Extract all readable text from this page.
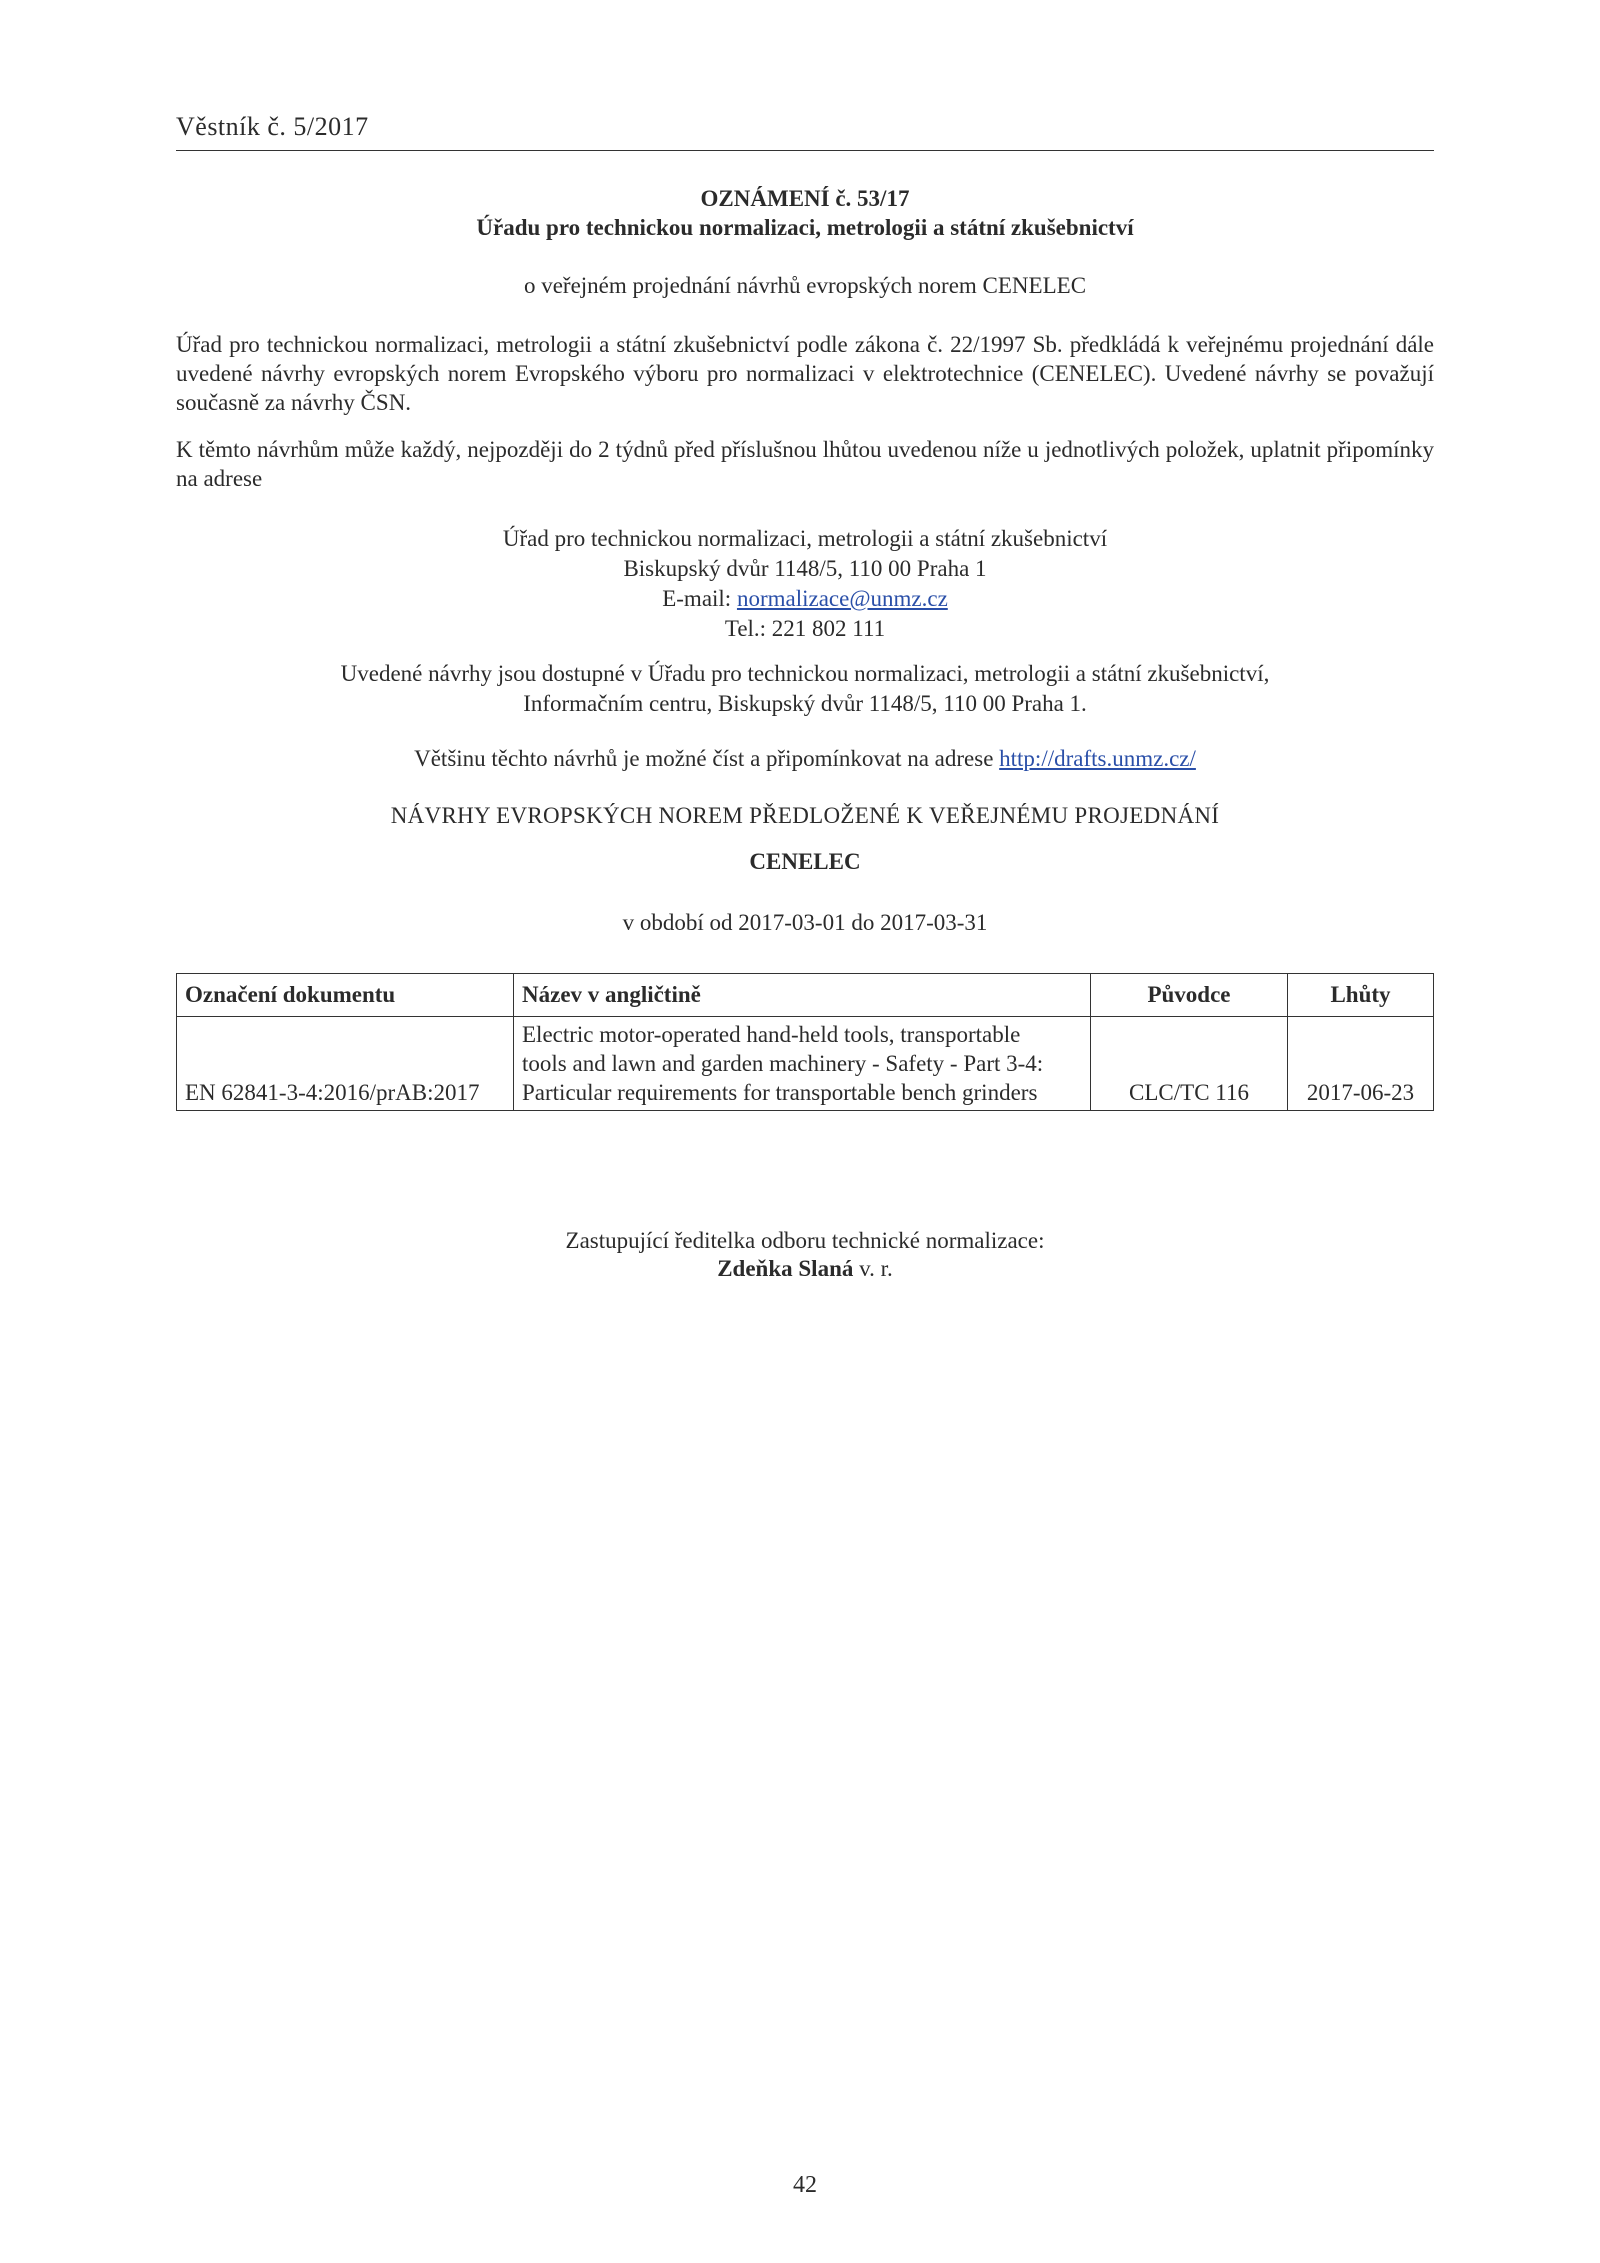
Věstník č. 5/2017
OZNÁMENÍ č. 53/17
Úřadu pro technickou normalizaci, metrologii a státní zkušebnictví
o veřejném projednání návrhů evropských norem CENELEC
Úřad pro technickou normalizaci, metrologii a státní zkušebnictví podle zákona č. 22/1997 Sb. předkládá k veřejnému projednání dále uvedené návrhy evropských norem Evropského výboru pro normalizaci v elektrotechnice (CENELEC). Uvedené návrhy se považují současně za návrhy ČSN.
K těmto návrhům může každý, nejpozději do 2 týdnů před příslušnou lhůtou uvedenou níže u jednotlivých položek, uplatnit připomínky na adrese
Úřad pro technickou normalizaci, metrologii a státní zkušebnictví
Biskupský dvůr 1148/5, 110 00 Praha 1
E-mail: normalizace@unmz.cz
Tel.: 221 802 111
Uvedené návrhy jsou dostupné v Úřadu pro technickou normalizaci, metrologii a státní zkušebnictví,
Informačním centru, Biskupský dvůr 1148/5, 110 00 Praha 1.
Většinu těchto návrhů je možné číst a připomínkovat na adrese http://drafts.unmz.cz/
NÁVRHY EVROPSKÝCH NOREM PŘEDLOŽENÉ K VEŘEJNÉMU PROJEDNÁNÍ
CENELEC
v období od 2017-03-01 do 2017-03-31
Označení dokumentu	Název v angličtině	Původce	Lhůty
EN 62841-3-4:2016/prAB:2017	Electric motor-operated hand-held tools, transportable
tools and lawn and garden machinery - Safety - Part 3-4:
Particular requirements for transportable bench grinders	CLC/TC 116	2017-06-23
Zastupující ředitelka odboru technické normalizace:
Zdeňka Slaná v. r.
42
